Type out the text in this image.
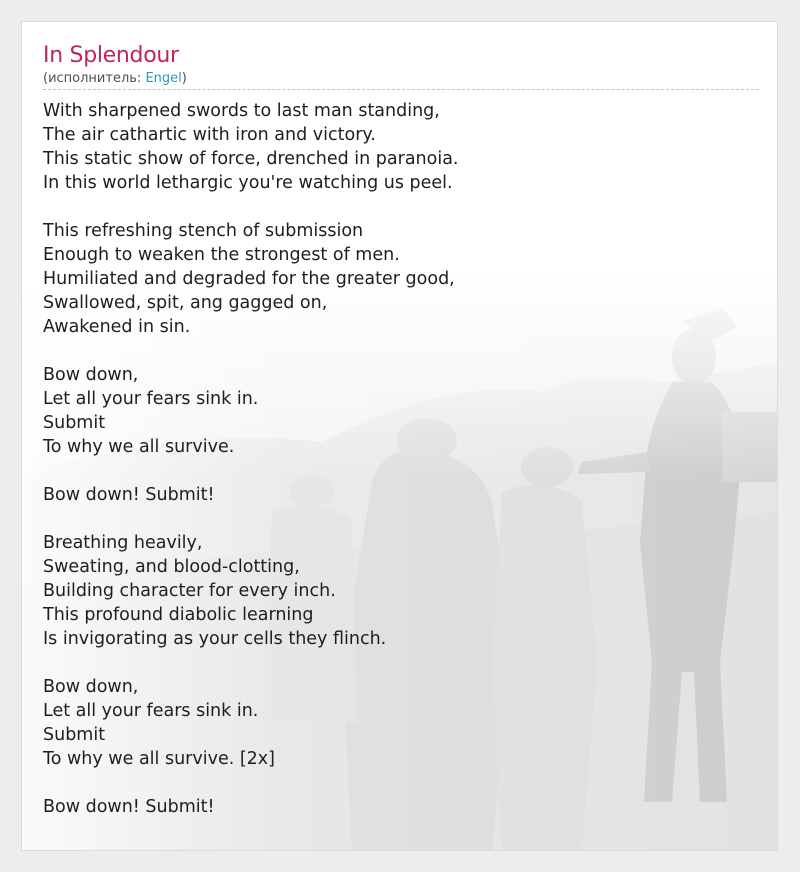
In Splendour
(исполнитель: Engel)
With sharpened swords to last man standing,
The air cathartic with iron and victory.
This static show of force, drenched in paranoia.
In this world lethargic you're watching us peel.
This refreshing stench of submission
Enough to weaken the strongest of men.
Humiliated and degraded for the greater good,
Swallowed, spit, ang gagged on,
Awakened in sin.
Bow down,
Let all your fears sink in.
Submit
To why we all survive.
Bow down! Submit!
Breathing heavily,
Sweating, and blood-clotting,
Building character for every inch.
This profound diabolic learning
Is invigorating as your cells they flinch.
Bow down,
Let all your fears sink in.
Submit
To why we all survive. [2x]
Bow down! Submit!
